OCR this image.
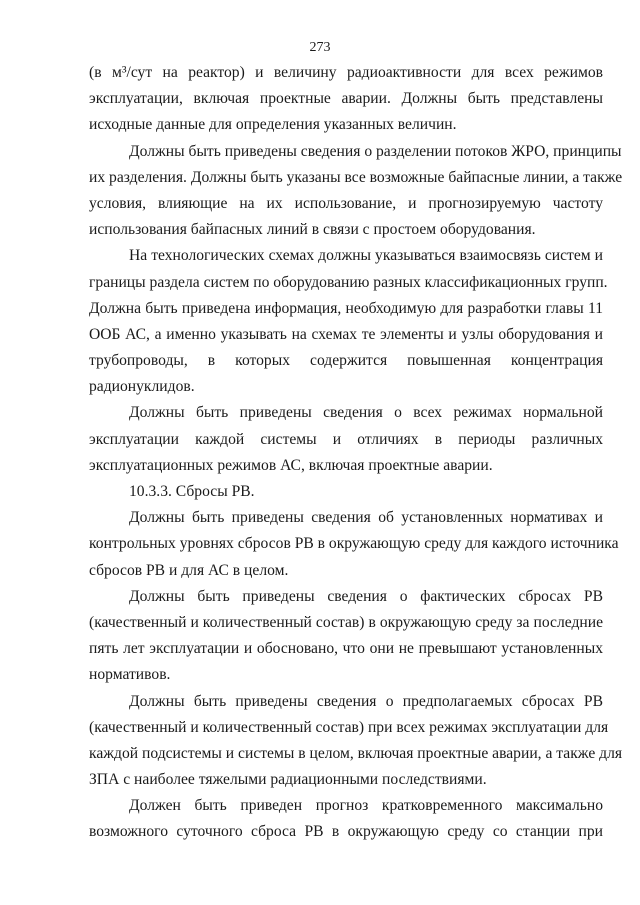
273
(в м³/сут на реактор) и величину радиоактивности для всех режимов
эксплуатации, включая проектные аварии. Должны быть представлены
исходные данные для определения указанных величин.
Должны быть приведены сведения о разделении потоков ЖРО, принципы
их разделения. Должны быть указаны все возможные байпасные линии, а также
условия, влияющие на их использование, и прогнозируемую частоту
использования байпасных линий в связи с простоем оборудования.
На технологических схемах должны указываться взаимосвязь систем и
границы раздела систем по оборудованию разных классификационных групп.
Должна быть приведена информация, необходимую для разработки главы 11
ООБ АС, а именно указывать на схемах те элементы и узлы оборудования и
трубопроводы, в которых содержится повышенная концентрация
радионуклидов.
Должны быть приведены сведения о всех режимах нормальной
эксплуатации каждой системы и отличиях в периоды различных
эксплуатационных режимов АС, включая проектные аварии.
10.3.3. Сбросы РВ.
Должны быть приведены сведения об установленных нормативах и
контрольных уровнях сбросов РВ в окружающую среду для каждого источника
сбросов РВ и для АС в целом.
Должны быть приведены сведения о фактических сбросах РВ
(качественный и количественный состав) в окружающую среду за последние
пять лет эксплуатации и обосновано, что они не превышают установленных
нормативов.
Должны быть приведены сведения о предполагаемых сбросах РВ
(качественный и количественный состав) при всех режимах эксплуатации для
каждой подсистемы и системы в целом, включая проектные аварии, а также для
ЗПА с наиболее тяжелыми радиационными последствиями.
Должен быть приведен прогноз кратковременного максимально
возможного суточного сброса РВ в окружающую среду со станции при
